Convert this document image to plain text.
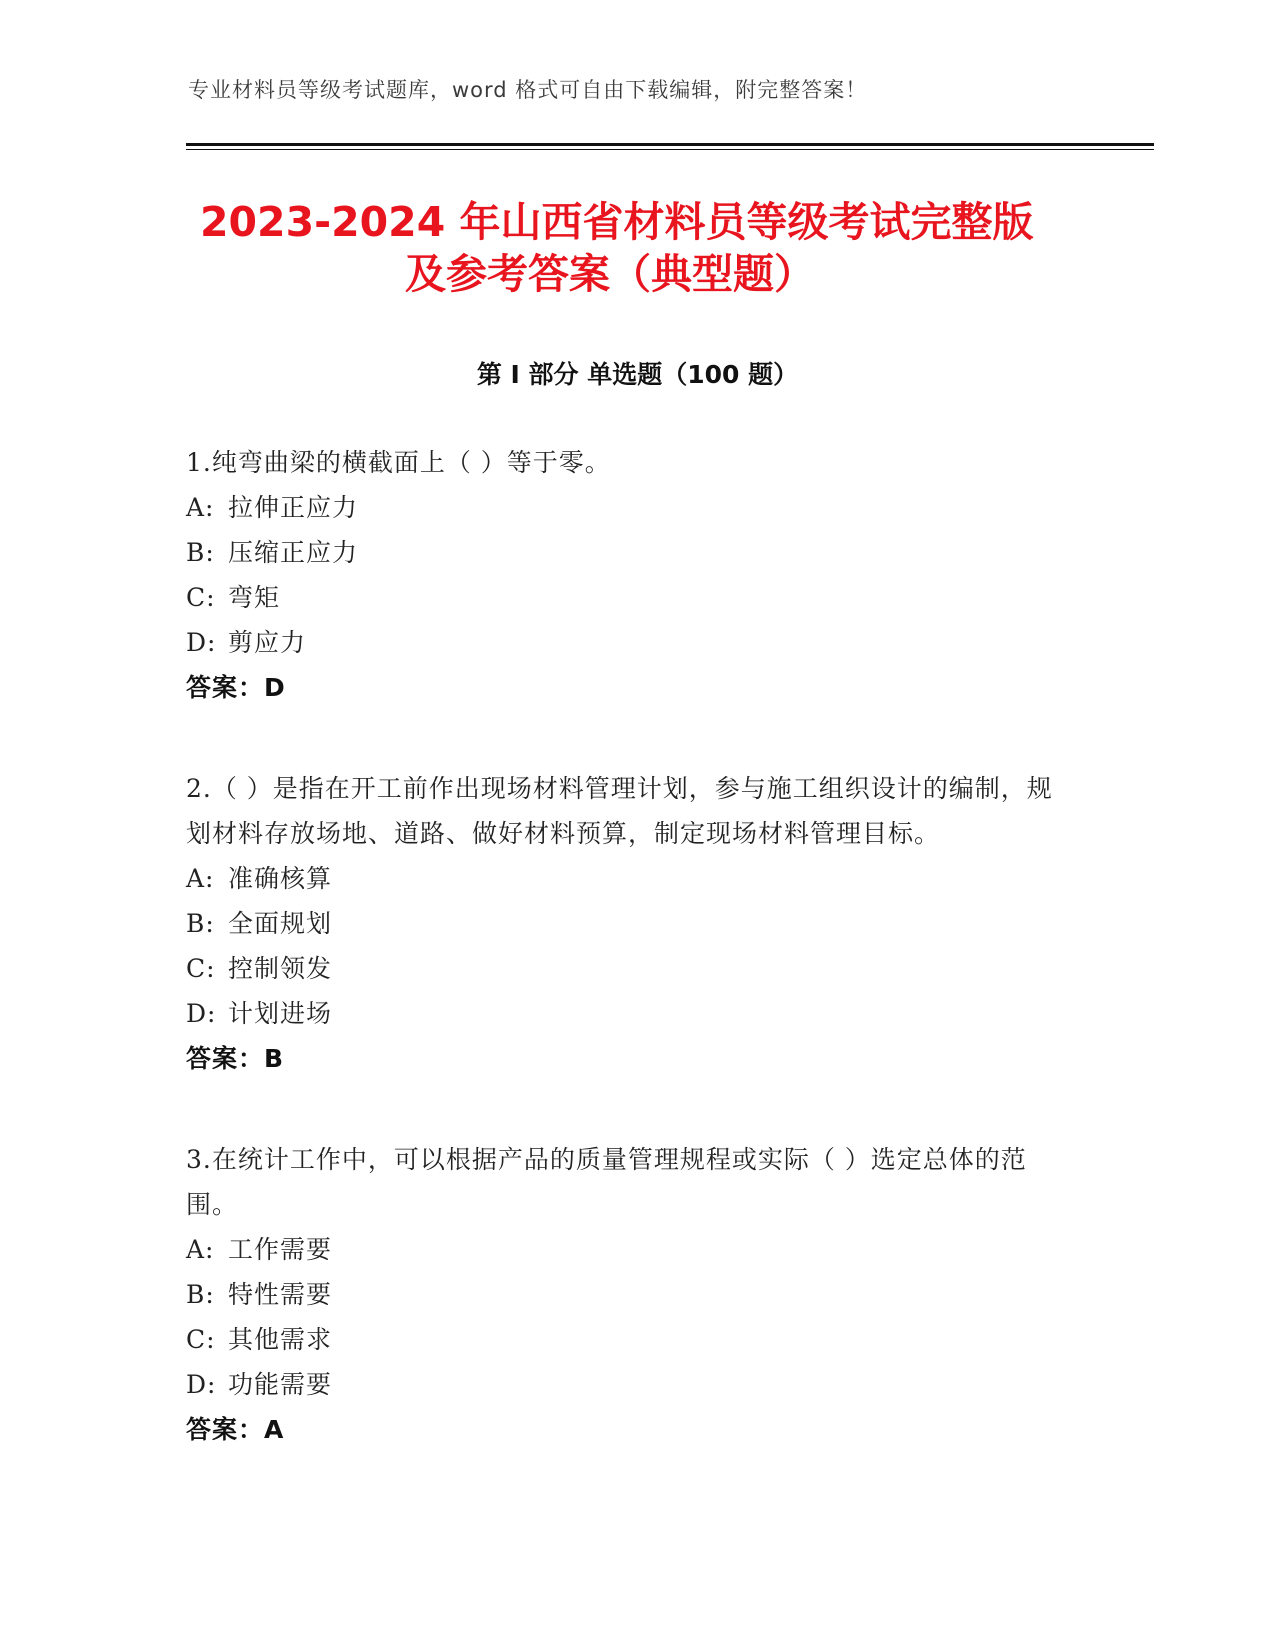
专业材料员等级考试题库，word 格式可自由下载编辑，附完整答案！
2023-2024 年山西省材料员等级考试完整版
及参考答案（典型题）
第 I 部分 单选题（100 题）
1.纯弯曲梁的横截面上（ ）等于零。
A: 拉伸正应力
B: 压缩正应力
C: 弯矩
D: 剪应力
答案：D
2.（ ）是指在开工前作出现场材料管理计划，参与施工组织设计的编制，规划材料存放场地、道路、做好材料预算，制定现场材料管理目标。
A: 准确核算
B: 全面规划
C: 控制领发
D: 计划进场
答案：B
3.在统计工作中，可以根据产品的质量管理规程或实际（ ）选定总体的范围。
A: 工作需要
B: 特性需要
C: 其他需求
D: 功能需要
答案：A
